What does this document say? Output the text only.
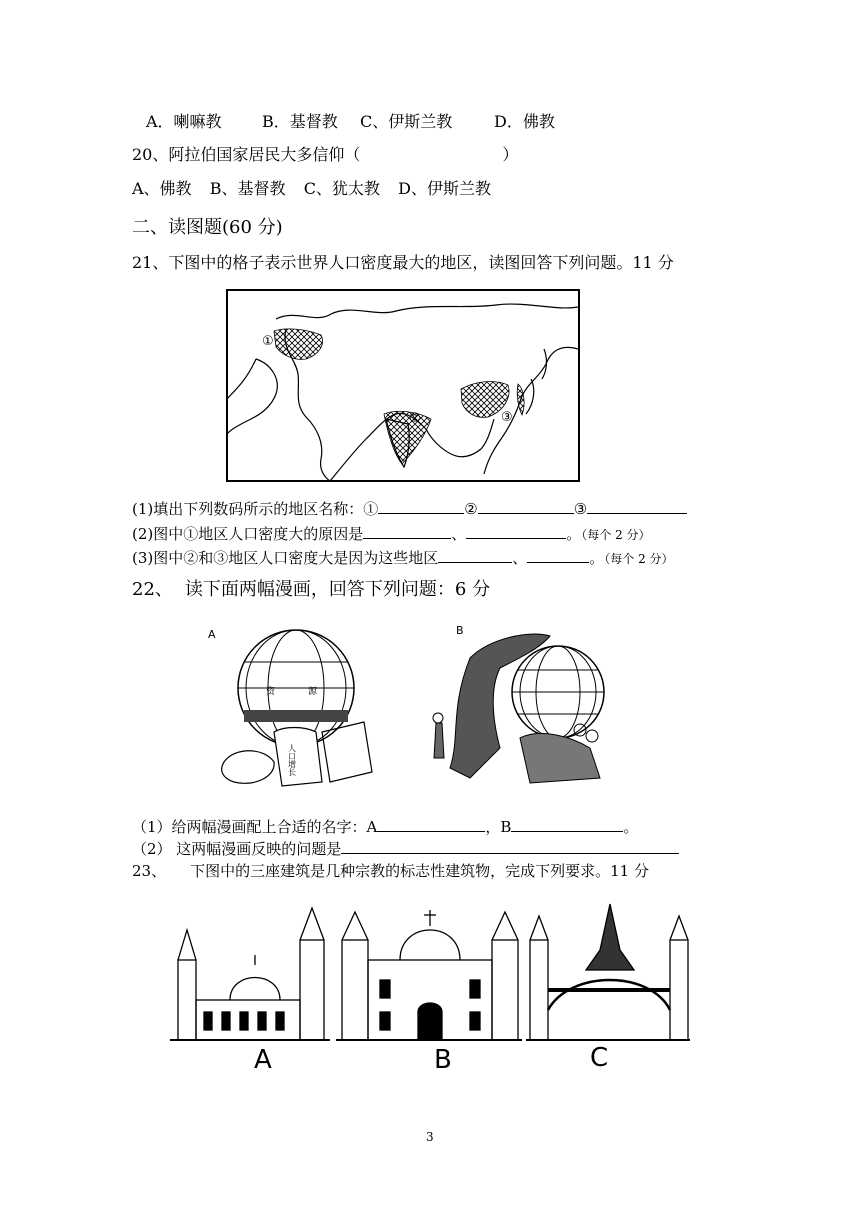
A．喇嘛教	B．基督教 C、伊斯兰教	D．佛教
20、阿拉伯国家居民大多信仰（	）
A、佛教 B、基督教 C、犹太教 D、伊斯兰教
二、读图题(60 分)
21、下图中的格子表示世界人口密度最大的地区，读图回答下列问题。11 分
①
②	③
(1)填出下列数码所示的地区名称：①	②	③
(2)图中①地区人口密度大的原因是	、	。（每个 2 分）
(3)图中②和③地区人口密度大是因为这些地区	、	。（每个 2 分）
22、 读下面两幅漫画，回答下列问题：6 分
A
资	源
人口增长
B
（1）给两幅漫画配上合适的名字：A	，B	。
（2） 这两幅漫画反映的问题是
23、 下图中的三座建筑是几种宗教的标志性建筑物，完成下列要求。11 分
A	B	C
3
